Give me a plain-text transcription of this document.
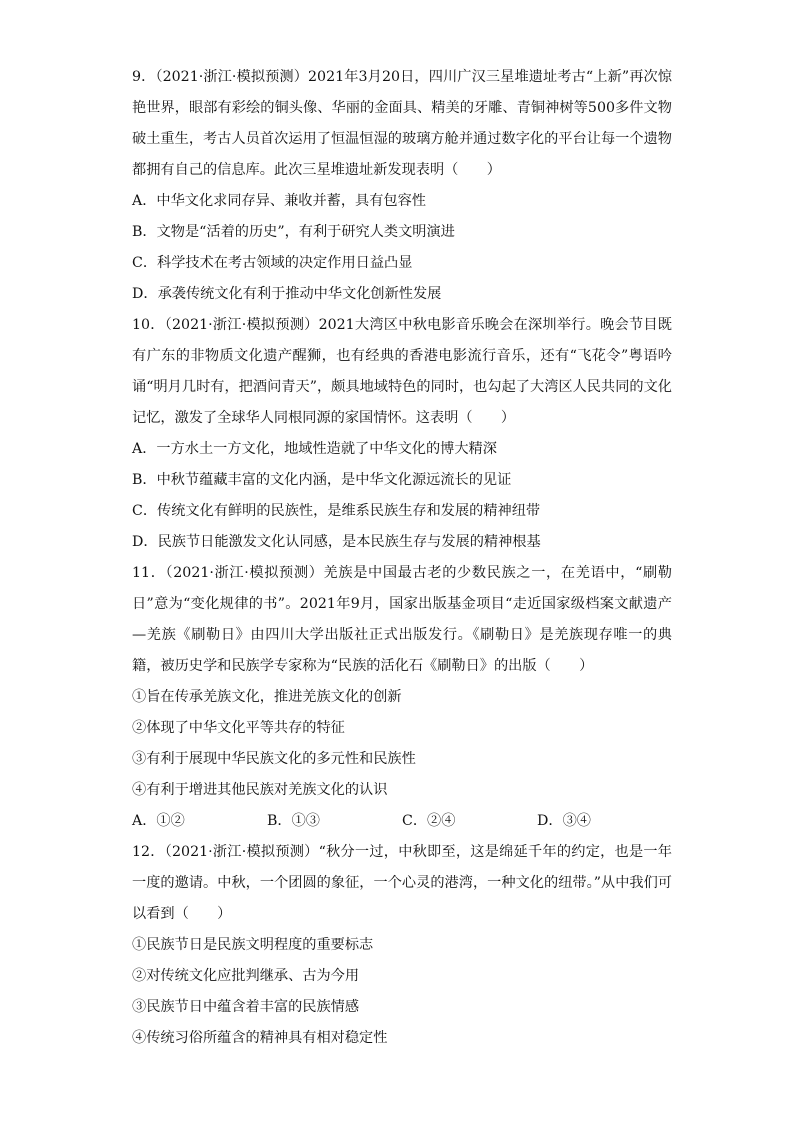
9．（2021·浙江·模拟预测）2021年3月20日，四川广汉三星堆遗址考古“上新”再次惊艳世界，眼部有彩绘的铜头像、华丽的金面具、精美的牙雕、青铜神树等500多件文物破土重生，考古人员首次运用了恒温恒湿的玻璃方舱并通过数字化的平台让每一个遗物都拥有自己的信息库。此次三星堆遗址新发现表明（　　）
A．中华文化求同存异、兼收并蓄，具有包容性
B．文物是“活着的历史”，有利于研究人类文明演进
C．科学技术在考古领域的决定作用日益凸显
D．承袭传统文化有利于推动中华文化创新性发展
10．（2021·浙江·模拟预测）2021大湾区中秋电影音乐晚会在深圳举行。晚会节目既有广东的非物质文化遗产醒狮，也有经典的香港电影流行音乐，还有“飞花令”粤语吟诵“明月几时有，把酒问青天”，颇具地域特色的同时，也勾起了大湾区人民共同的文化记忆，激发了全球华人同根同源的家国情怀。这表明（　　）
A．一方水土一方文化，地域性造就了中华文化的博大精深
B．中秋节蕴藏丰富的文化内涵，是中华文化源远流长的见证
C．传统文化有鲜明的民族性，是维系民族生存和发展的精神纽带
D．民族节日能激发文化认同感，是本民族生存与发展的精神根基
11．（2021·浙江·模拟预测）羌族是中国最古老的少数民族之一，在羌语中，“刷勒日”意为“变化规律的书”。2021年9月，国家出版基金项目“走近国家级档案文献遗产—羌族《刷勒日》由四川大学出版社正式出版发行。《刷勒日》是羌族现存唯一的典籍，被历史学和民族学专家称为“民族的活化石《刷勒日》的出版（　　）
①旨在传承羌族文化，推进羌族文化的创新
②体现了中华文化平等共存的特征
③有利于展现中华民族文化的多元性和民族性
④有利于增进其他民族对羌族文化的认识
A．①②	B．①③	C．②④	D．③④
12．（2021·浙江·模拟预测）“秋分一过，中秋即至，这是绵延千年的约定，也是一年一度的邀请。中秋，一个团圆的象征，一个心灵的港湾，一种文化的纽带。”从中我们可以看到（　　）
①民族节日是民族文明程度的重要标志
②对传统文化应批判继承、古为今用
③民族节日中蕴含着丰富的民族情感
④传统习俗所蕴含的精神具有相对稳定性
